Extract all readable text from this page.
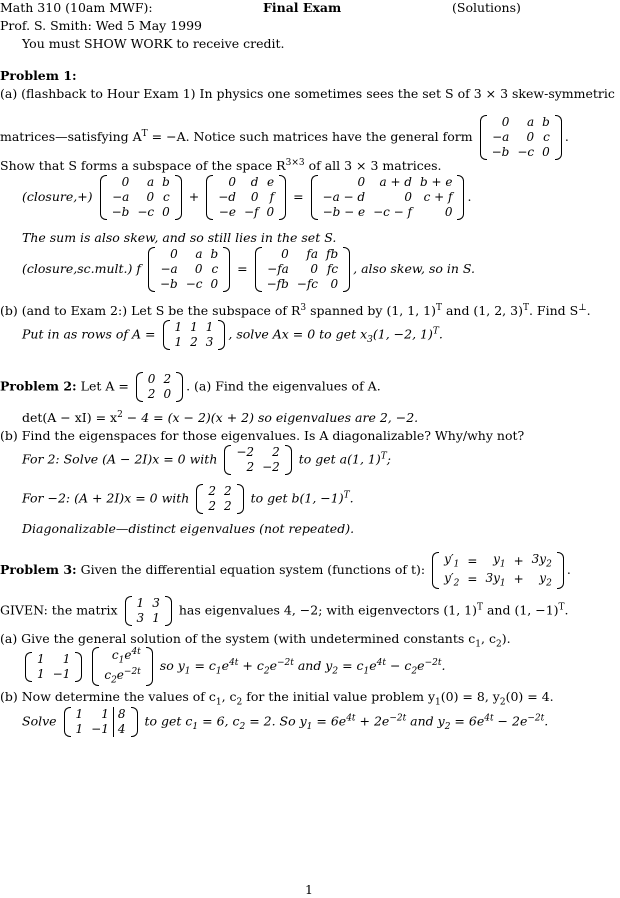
Math 310 (10am MWF):	Final Exam	(Solutions)
Prof. S. Smith: Wed 5 May 1999
You must SHOW WORK to receive credit.
Problem 1:
(a) (flashback to Hour Exam 1) In physics one sometimes sees the set S of 3 × 3 skew-symmetric
matrices—satisfying $A^T = -A$. Notice such matrices have the general form
0	a	b
−a	0	c
−b	−c	0
.
Show that S forms a subspace of the space $R^{3\times 3}$ of all 3 × 3 matrices.
(closure,+)
0	a	b
−a	0	c
−b	−c	0
+
0	d	e
−d	0	f
−e	−f	0
=
0	a + d	b + e
−a − d	0	c + f
−b − e	−c − f	0
.
The sum is also skew, and so still lies in the set S.
(closure,sc.mult.) f
0	a	b
−a	0	c
−b	−c	0
=
0	fa	fb
−fa	0	fc
−fb	−fc	0
, also skew, so in S.
(b) (and to Exam 2:) Let S be the subspace of $R^3$ spanned by (1, 1, 1)$^T$ and (1, 2, 3)$^T$. Find S⊥.
Put in as rows of A = 1	1	1
1	2	3
, solve Ax = 0 to get $x_3(1$, −2, 1)$^T$.
Problem 2: Let A = 0	2
2	0
. (a) Find the eigenvalues of A.
$\det(A - xI) = x^2 - 4 = (x - 2)(x + 2)$ so eigenvalues are 2, −2.
(b) Find the eigenspaces for those eigenvalues. Is A diagonalizable? Why/why not?
For 2: Solve (A − 2I)x = 0 with −2	2
2	−2
to get a(1, 1)$^T$;
For −2: (A + 2I)x = 0 with 2	2
2	2
to get b(1, −1)$^T$.
Diagonalizable—distinct eigenvalues (not repeated).
Problem 3: Given the differential equation system (functions of t):
$y'_1$	=	$y_1$	+	$3y_2$
$y'_2$	=	$3y_1$	+	$y_2$
.
GIVEN: the matrix 1	3
3	1
has eigenvalues 4, −2; with eigenvectors (1, 1)$^T$ and (1, −1)$^T$.
(a) Give the general solution of the system (with undetermined constants $c_1$, $c_2$).
1	1
1	−1

$c_1e^{4t}$
$c_2e^{-2t}$ so $y_1 = c_1e^{4t} + c_2e^{-2t}$ and $y_2 = c_1e^{4t} - c_2e^{-2t}$.
(b) Now determine the values of $c_1$, $c_2$ for the initial value problem $y_1(0) = 8$, $y_2(0) = 4$.
Solve 1	1	8
1	−1	4
to get $c_1 = 6$, $c_2 = 2$. So $y_1 = 6e^{4t} + 2e^{-2t}$ and $y_2 = 6e^{4t} - 2e^{-2t}$.
1
